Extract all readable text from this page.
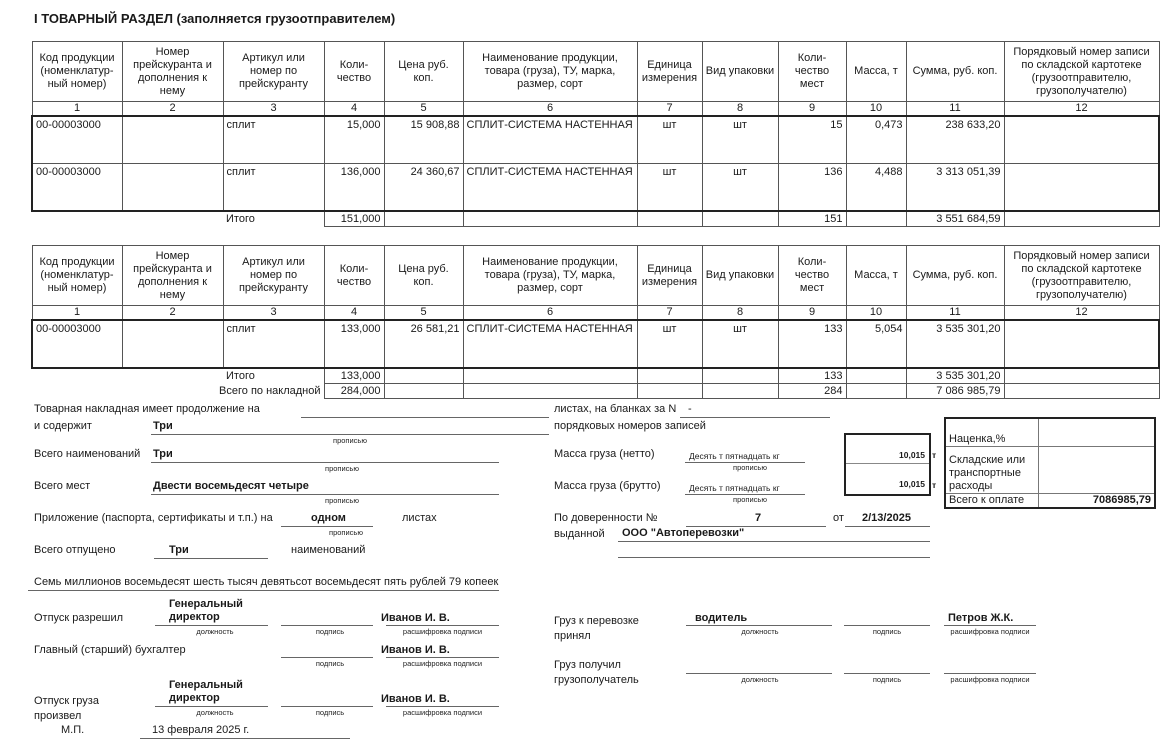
I ТОВАРНЫЙ РАЗДЕЛ (заполняется грузоотправителем)
Код продукции (номенклатур-ный номер)	Номер прейскуранта и дополнения к нему	Артикул или номер по прейскуранту	Коли-чество	Цена руб. коп.	Наименование продукции, товара (груза), ТУ, марка, размер, сорт	Единица измерения	Вид упаковки	Коли-чество мест	Масса, т	Сумма, руб. коп.	Порядковый номер записи по складской картотеке (грузоотправителю, грузополучателю)
1	2	3	4	5	6	7	8	9	10	11	12
00-00003000		сплит	15,000	15 908,88	СПЛИТ-СИСТЕМА НАСТЕННАЯ	шт	шт	15	0,473	238 633,20	
00-00003000		сплит	136,000	24 360,67	СПЛИТ-СИСТЕМА НАСТЕННАЯ	шт	шт	136	4,488	3 313 051,39	
		Итого	151,000					151		3 551 684,59	
Код продукции (номенклатур-ный номер)	Номер прейскуранта и дополнения к нему	Артикул или номер по прейскуранту	Коли-чество	Цена руб. коп.	Наименование продукции, товара (груза), ТУ, марка, размер, сорт	Единица измерения	Вид упаковки	Коли-чество мест	Масса, т	Сумма, руб. коп.	Порядковый номер записи по складской картотеке (грузоотправителю, грузополучателю)
1	2	3	4	5	6	7	8	9	10	11	12
00-00003000		сплит	133,000	26 581,21	СПЛИТ-СИСТЕМА НАСТЕННАЯ	шт	шт	133	5,054	3 535 301,20	
		Итого	133,000					133		3 535 301,20	
	Всего по накладной		284,000					284		7 086 985,79	
Товарная накладная имеет продолжение на
и содержит	Три
прописью
Всего наименований Три
прописью
Всего мест	Двести восемьдесят четыре
прописью
Приложение (паспорта, сертификаты и т.п.) на	одном	листах
прописью
Всего отпущено	Три	наименований
Семь миллионов восемьдесят шесть тысяч девятьсот восемьдесят пять рублей 79 копеек
Отпуск разрешил
Генеральный директор
должность	подпись
Иванов И. В.
расшифровка подписи
Главный (старший) бухгалтер
подпись
Иванов И. В.
расшифровка подписи
Отпуск груза произвел
Генеральный директор
должность	подпись
Иванов И. В.
расшифровка подписи
М.П.	13 февраля 2025 г.
листах, на бланках за N -
порядковых номеров записей
Масса груза (нетто)	Десять т пятнадцать кг
прописью
Масса груза (брутто)	Десять т пятнадцать кг
прописью
10,015
10,015
т
т
По доверенности №	7	от 2/13/2025
выданной ООО "Автоперевозки"
Наценка,%	
Складские или транспортные расходы	
Всего к оплате	7086985,79
Груз к перевозке принял
водитель
должность	подпись
Петров Ж.К.
расшифровка подписи
Груз получил грузополучатель	должность	подпись	расшифровка подписи
